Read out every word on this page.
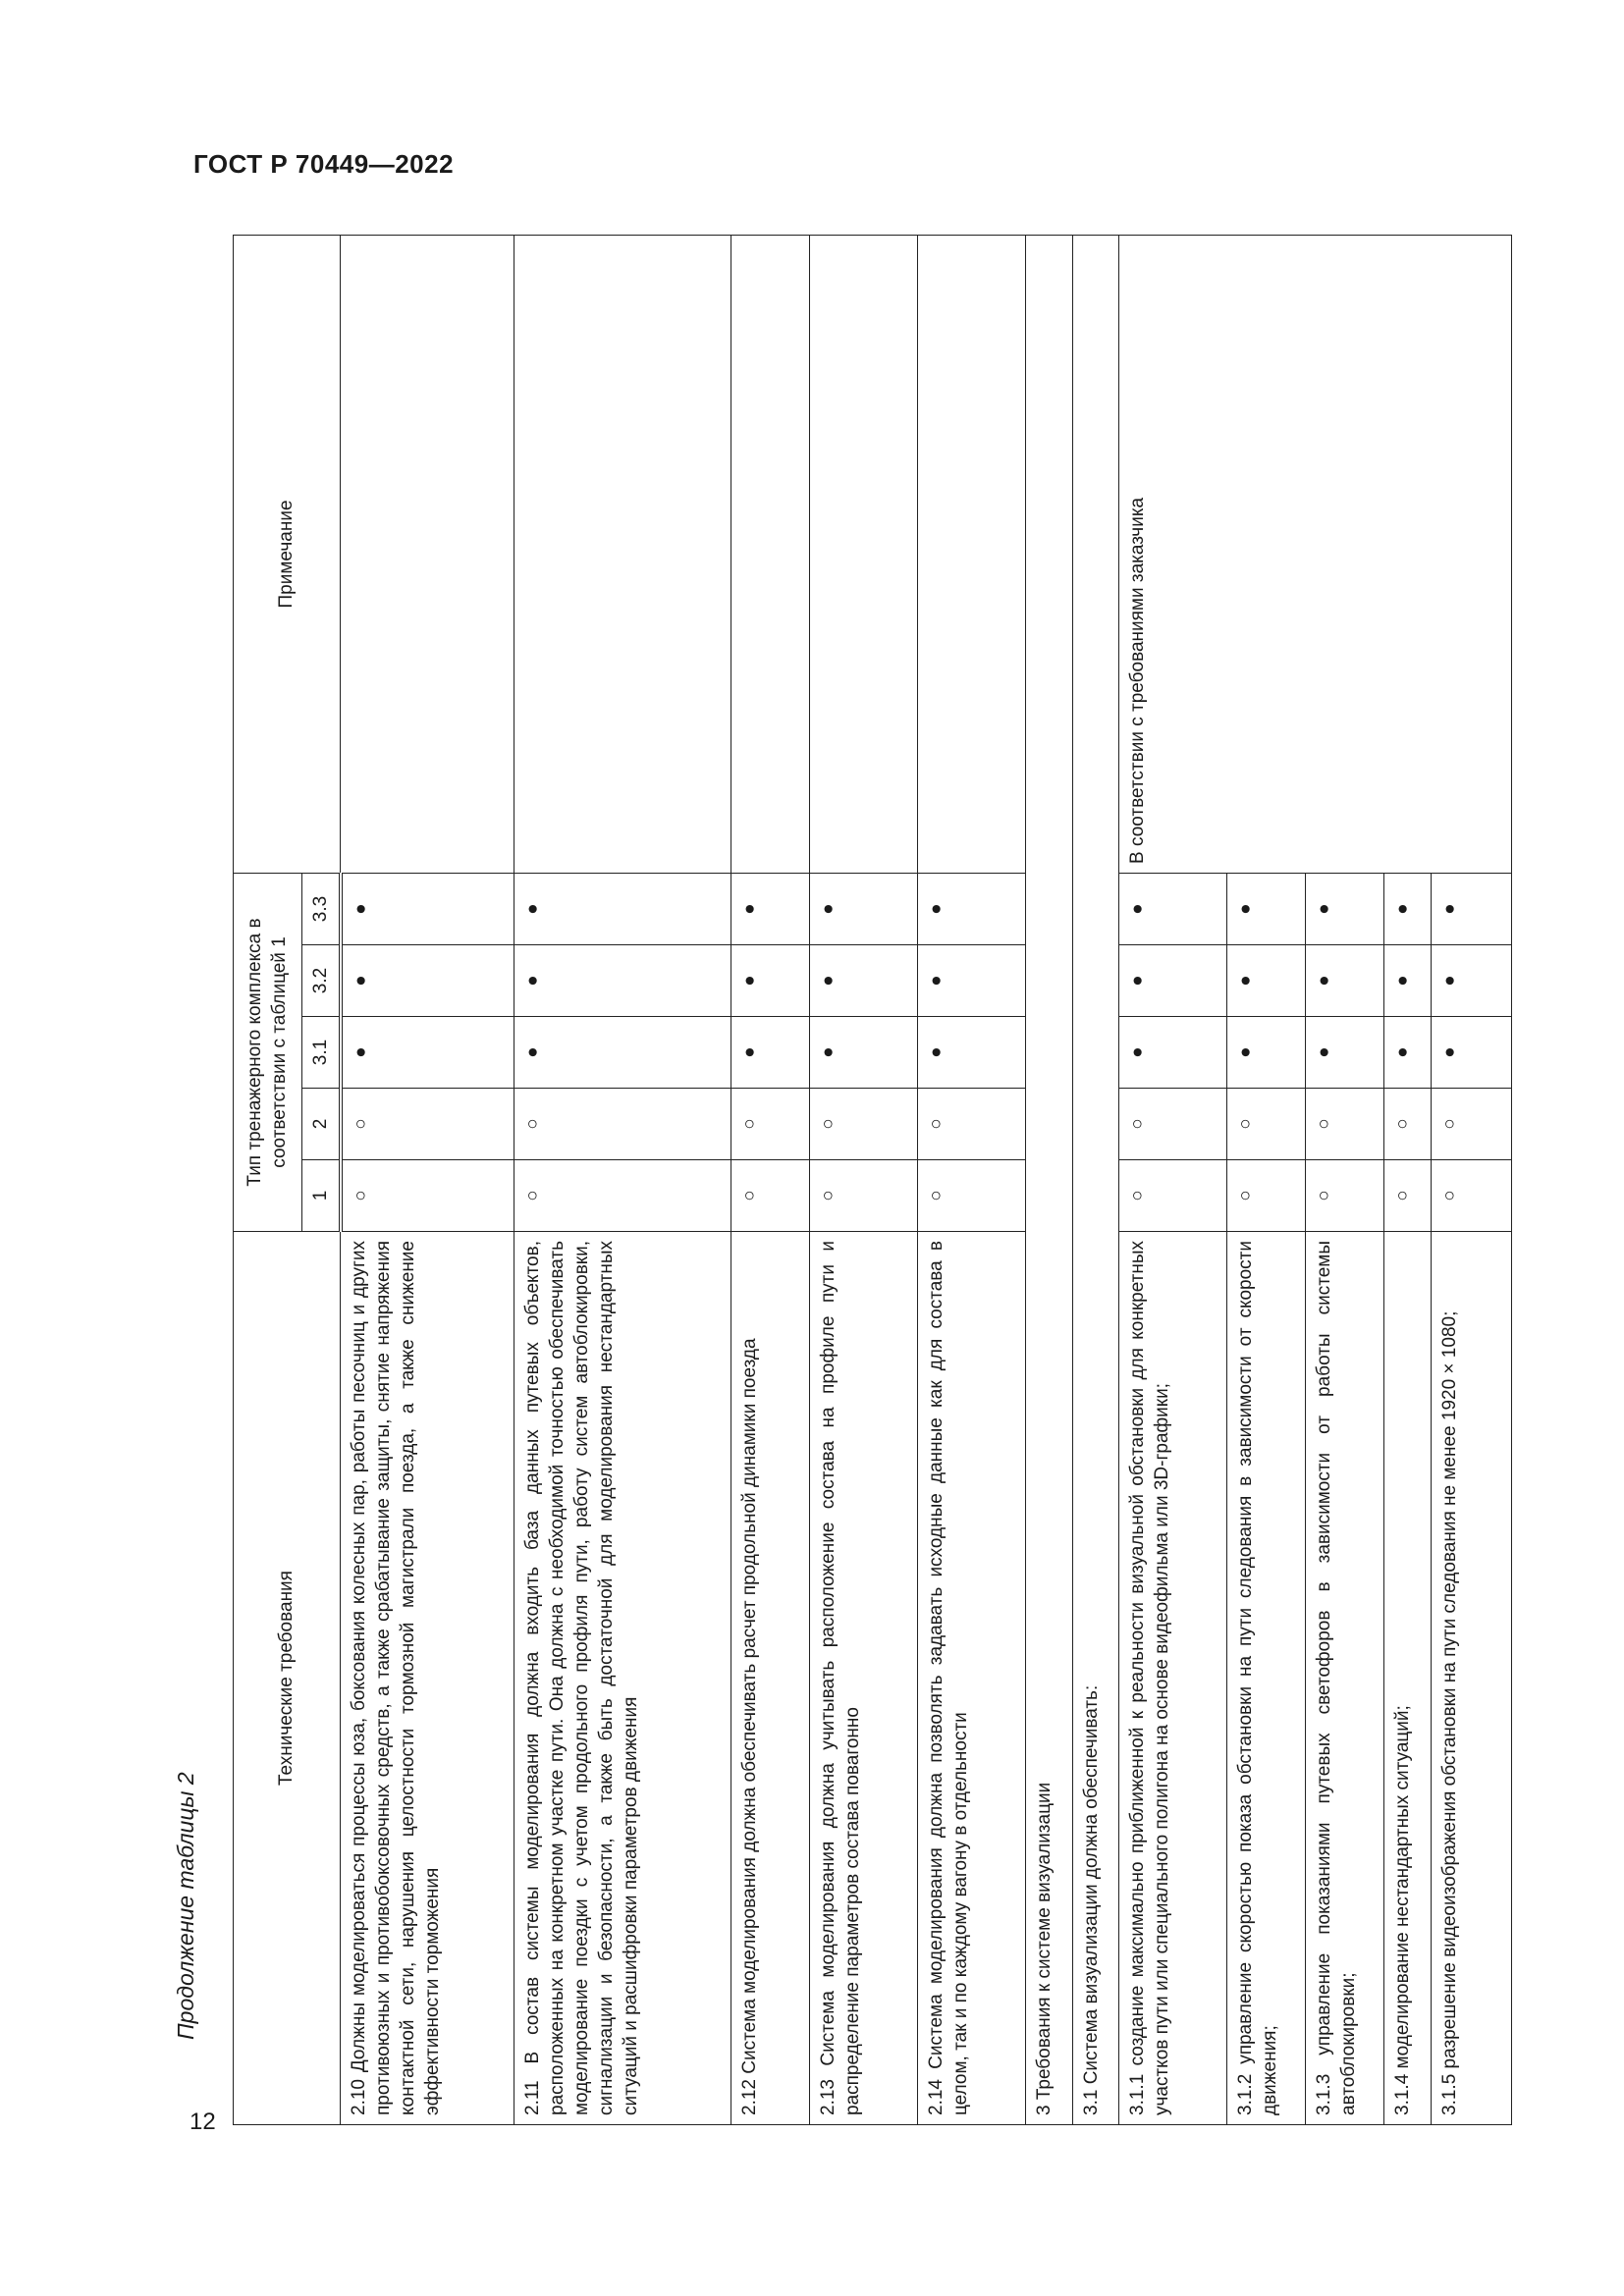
ГОСТ Р 70449—2022
Продолжение таблицы 2
12
Технические требования	Тип тренажерного комплекса в соответствии с таблицей 1					Примечание
	1	2	3.1	3.2	3.3	
2.10 Должны моделироваться процессы юза, боксования колесных пар, работы песочниц и других противоюзных и противобоксовочных средств, а также срабатывание защиты, снятие напряжения контактной сети, нарушения целостности тормозной магистрали поезда, а также снижение эффективности торможения	○	○	●	●	●	
2.11 В состав системы моделирования должна входить база данных путевых объектов, расположенных на конкретном участке пути. Она должна с необходимой точностью обеспечивать моделирование поездки с учетом продольного профиля пути, работу систем автоблокировки, сигнализации и безопасности, а также быть достаточной для моделирования нестандартных ситуаций и расшифровки параметров движения	○	○	●	●	●	
2.12 Система моделирования должна обеспечивать расчет продольной динамики поезда	○	○	●	●	●	
2.13 Система моделирования должна учитывать расположение состава на профиле пути и распределение параметров состава повагонно	○	○	●	●	●	
2.14 Система моделирования должна позволять задавать исходные данные как для состава в целом, так и по каждому вагону в отдельности	○	○	●	●	●	
3 Требования к системе визуализации						
3.1 Система визуализации должна обеспечивать:						
3.1.1 создание максимально приближенной к реальности визуальной обстановки для конкретных участков пути или специального полигона на основе видеофильма или 3D-графики;	○	○	●	●	●	В соответствии с требованиями заказчика
3.1.2 управление скоростью показа обстановки на пути следования в зависимости от скорости движения;	○	○	●	●	●	
3.1.3 управление показаниями путевых светофоров в зависимости от работы системы автоблокировки;	○	○	●	●	●	
3.1.4 моделирование нестандартных ситуаций;	○	○	●	●	●	
3.1.5 разрешение видеоизображения обстановки на пути следования не менее 1920 × 1080;	○	○	●	●	●	
